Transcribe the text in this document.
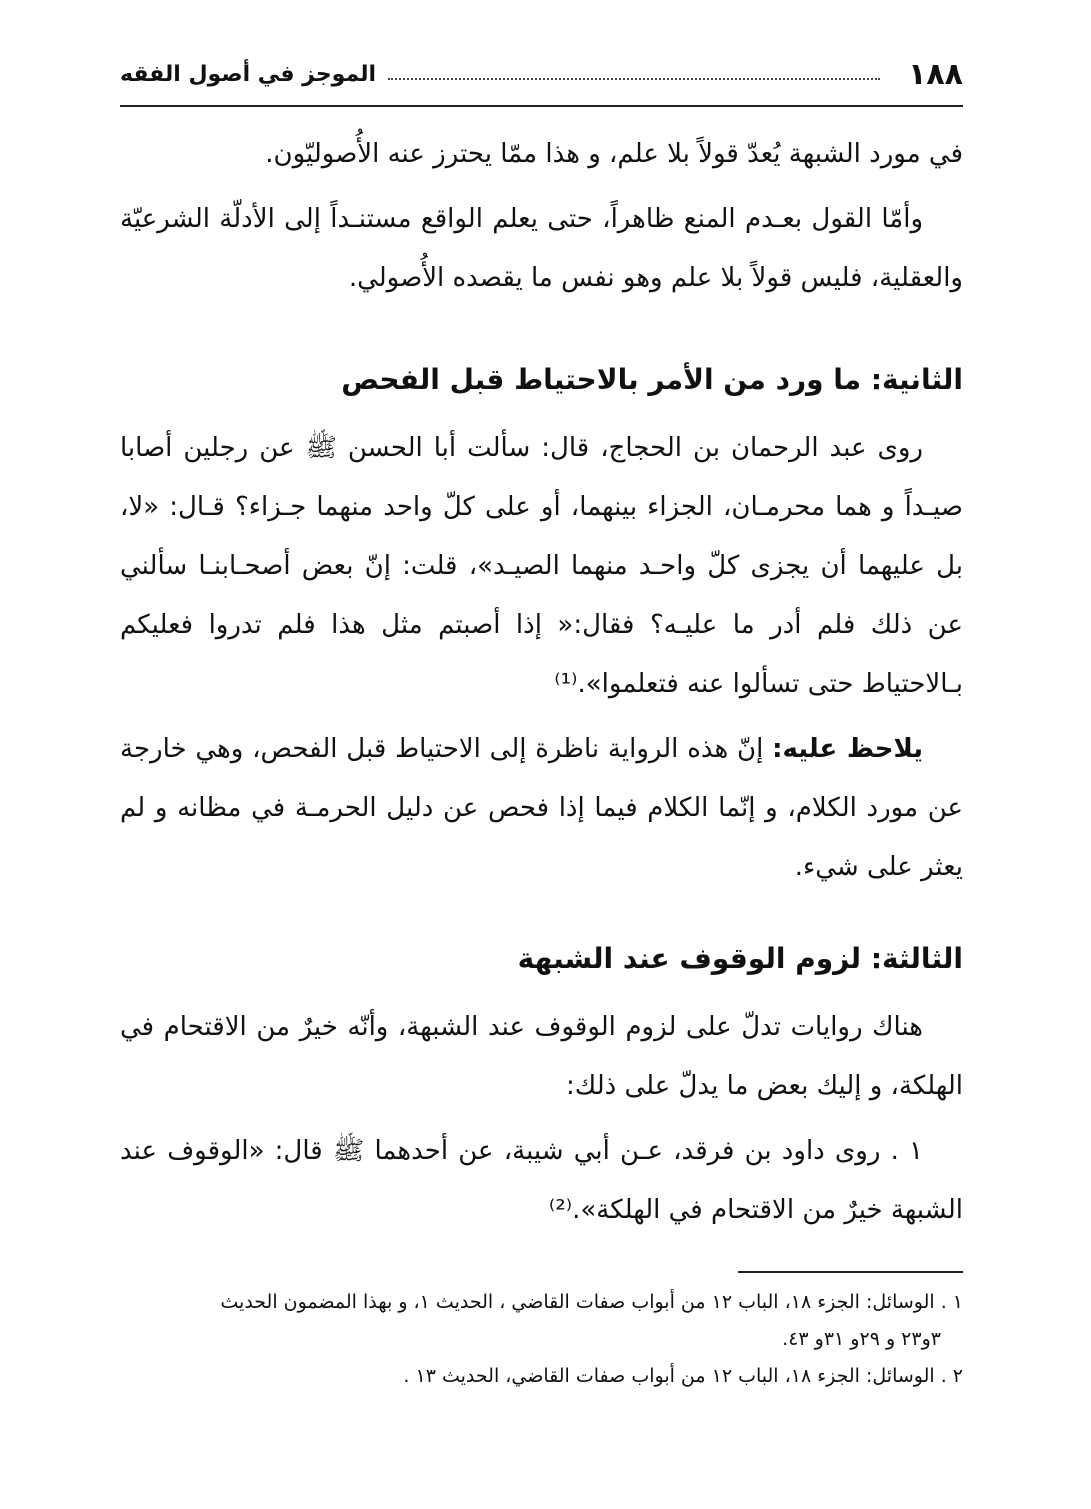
١٨٨
الموجز في أصول الفقه

في مورد الشبهة يُعدّ قولاً بلا علم، و هذا ممّا يحترز عنه الأُصوليّون.

وأمّا القول بعـدم المنع ظاهراً، حتى يعلم الواقع مستنـداً إلى الأدلّة الشرعيّة والعقلية، فليس قولاً بلا علم وهو نفس ما يقصده الأُصولي.

الثانية: ما ورد من الأمر بالاحتياط قبل الفحص

روى عبد الرحمان بن الحجاج، قال: سألت أبا الحسن ﷺ عن رجلين أصابا صيـداً و هما محرمـان، الجزاء بينهما، أو على كلّ واحد منهما جـزاء؟ قـال: «لا، بل عليهما أن يجزى كلّ واحـد منهما الصيـد»، قلت: إنّ بعض أصحـابنـا سألني عن ذلك فلم أدر ما عليـه؟ فقال:« إذا أصبتم مثل هذا فلم تدروا فعليكم بـالاحتياط حتى تسألوا عنه فتعلموا».⁽¹⁾

يلاحظ عليه: إنّ هذه الرواية ناظرة إلى الاحتياط قبل الفحص، وهي خارجة عن مورد الكلام، و إنّما الكلام فيما إذا فحص عن دليل الحرمـة في مظانه و لم يعثر على شيء.

الثالثة: لزوم الوقوف عند الشبهة

هناك روايات تدلّ على لزوم الوقوف عند الشبهة، وأنّه خيرٌ من الاقتحام في الهلكة، و إليك بعض ما يدلّ على ذلك:

١ . روى داود بن فرقد، عـن أبي شيبة، عن أحدهما ﷺ قال: «الوقوف عند الشبهة خيرٌ من الاقتحام في الهلكة».⁽²⁾

١ . الوسائل: الجزء ١٨، الباب ١٢ من أبواب صفات القاضي ، الحديث ١، و بهذا المضمون الحديث
٣و٢٣ و ٢٩و ٣١و ٤٣.
٢ . الوسائل: الجزء ١٨، الباب ١٢ من أبواب صفات القاضي، الحديث ١٣ .
